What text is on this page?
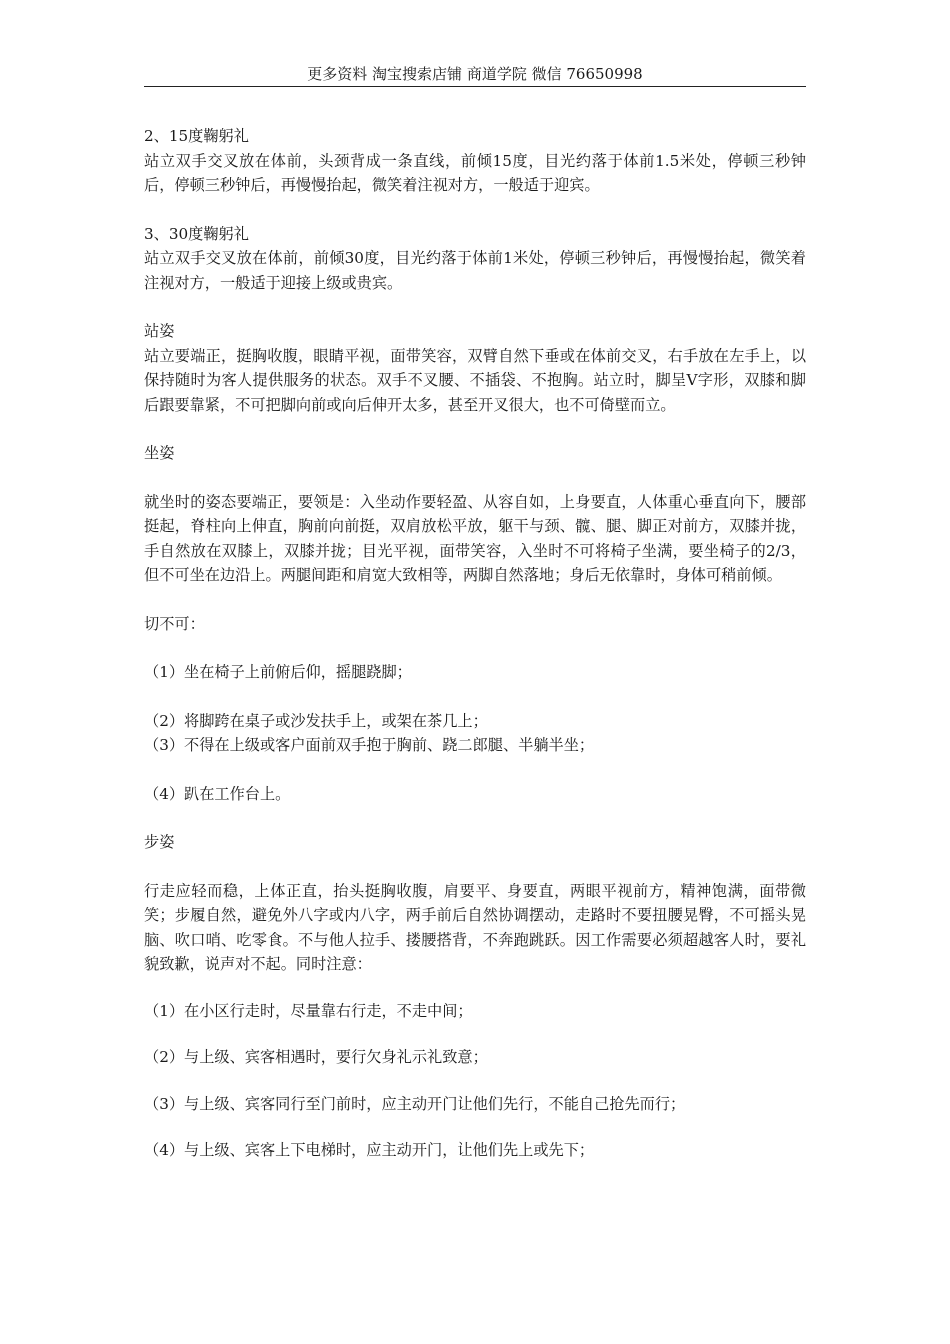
更多资料 淘宝搜索店铺 商道学院 微信 76650998

2、15度鞠躬礼

站立双手交叉放在体前，头颈背成一条直线，前倾15度，目光约落于体前1.5米处，停顿三秒钟后，停顿三秒钟后，再慢慢抬起，微笑着注视对方，一般适于迎宾。

3、30度鞠躬礼

站立双手交叉放在体前，前倾30度，目光约落于体前1米处，停顿三秒钟后，再慢慢抬起，微笑着注视对方，一般适于迎接上级或贵宾。

站姿

站立要端正，挺胸收腹，眼睛平视，面带笑容，双臂自然下垂或在体前交叉，右手放在左手上，以保持随时为客人提供服务的状态。双手不叉腰、不插袋、不抱胸。站立时，脚呈V字形，双膝和脚后跟要靠紧，不可把脚向前或向后伸开太多，甚至开叉很大，也不可倚壁而立。

坐姿

就坐时的姿态要端正，要领是：入坐动作要轻盈、从容自如，上身要直，人体重心垂直向下，腰部挺起，脊柱向上伸直，胸前向前挺，双肩放松平放，躯干与颈、髋、腿、脚正对前方，双膝并拢，手自然放在双膝上，双膝并拢；目光平视，面带笑容，入坐时不可将椅子坐满，要坐椅子的2/3，但不可坐在边沿上。两腿间距和肩宽大致相等，两脚自然落地；身后无依靠时，身体可稍前倾。

切不可：

（1）坐在椅子上前俯后仰，摇腿跷脚；

（2）将脚跨在桌子或沙发扶手上，或架在茶几上；

（3）不得在上级或客户面前双手抱于胸前、跷二郎腿、半躺半坐；

（4）趴在工作台上。

步姿

行走应轻而稳，上体正直，抬头挺胸收腹，肩要平、身要直，两眼平视前方，精神饱满，面带微笑；步履自然，避免外八字或内八字，两手前后自然协调摆动，走路时不要扭腰晃臀，不可摇头晃脑、吹口哨、吃零食。不与他人拉手、搂腰搭背，不奔跑跳跃。因工作需要必须超越客人时，要礼貌致歉，说声对不起。同时注意：

（1）在小区行走时，尽量靠右行走，不走中间；

（2）与上级、宾客相遇时，要行欠身礼示礼致意；

（3）与上级、宾客同行至门前时，应主动开门让他们先行，不能自己抢先而行；

（4）与上级、宾客上下电梯时，应主动开门，让他们先上或先下；
